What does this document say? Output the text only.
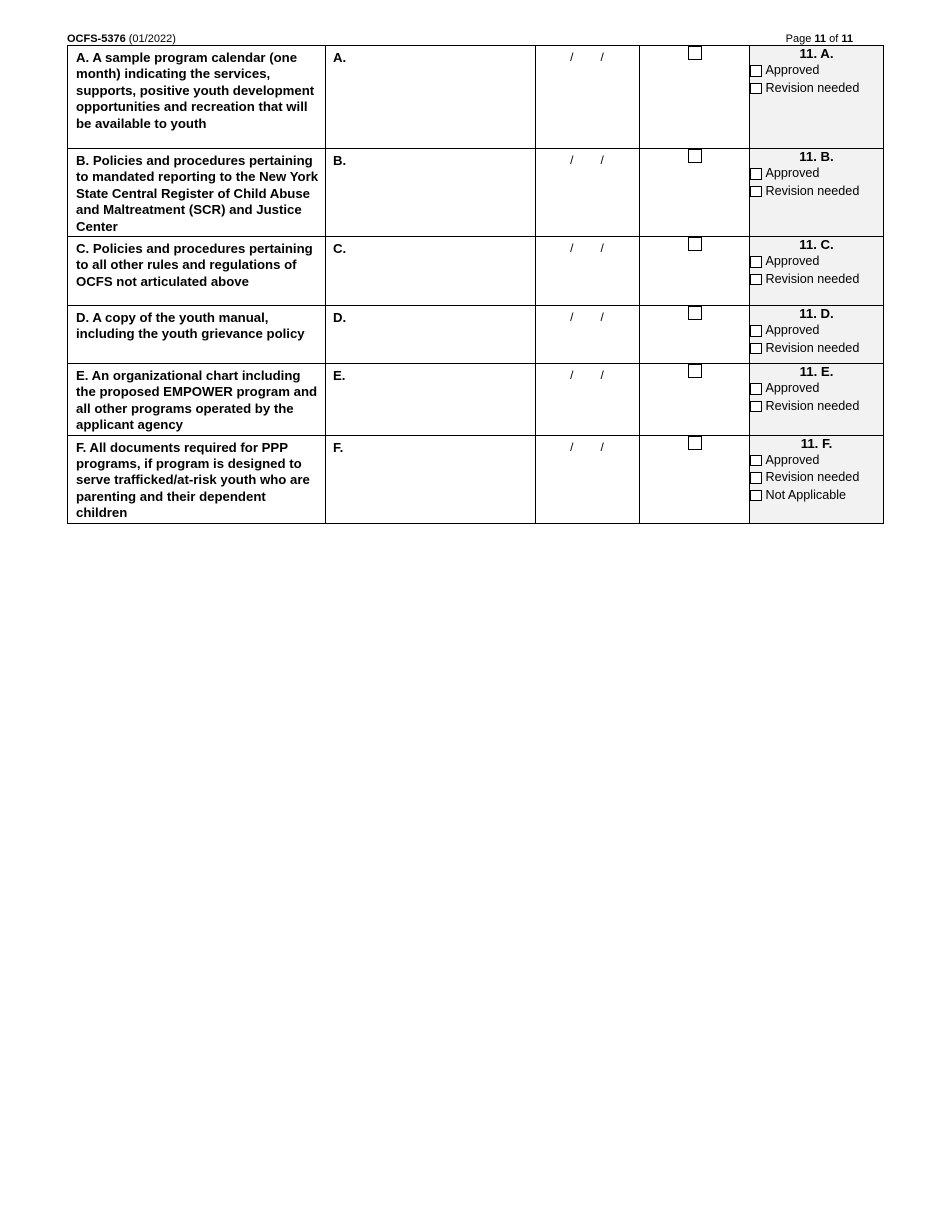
OCFS-5376 (01/2022)	Page 11 of 11
A. A sample program calendar (one month) indicating the services, supports, positive youth development opportunities and recreation that will be available to youth	A.	/ /		11. A.
Approved
Revision needed

B. Policies and procedures pertaining to mandated reporting to the New York State Central Register of Child Abuse and Maltreatment (SCR) and Justice Center	B.	/ /		11. B.
Approved
Revision needed

C. Policies and procedures pertaining to all other rules and regulations of OCFS not articulated above	C.	/ /		11. C.
Approved
Revision needed

D. A copy of the youth manual, including the youth grievance policy	D.	/ /		11. D.
Approved
Revision needed

E. An organizational chart including the proposed EMPOWER program and all other programs operated by the applicant agency	E.	/ /		11. E.
Approved
Revision needed

F. All documents required for PPP programs, if program is designed to serve trafficked/at-risk youth who are parenting and their dependent children	F.	/ /		11. F.
Approved
Revision needed
Not Applicable
